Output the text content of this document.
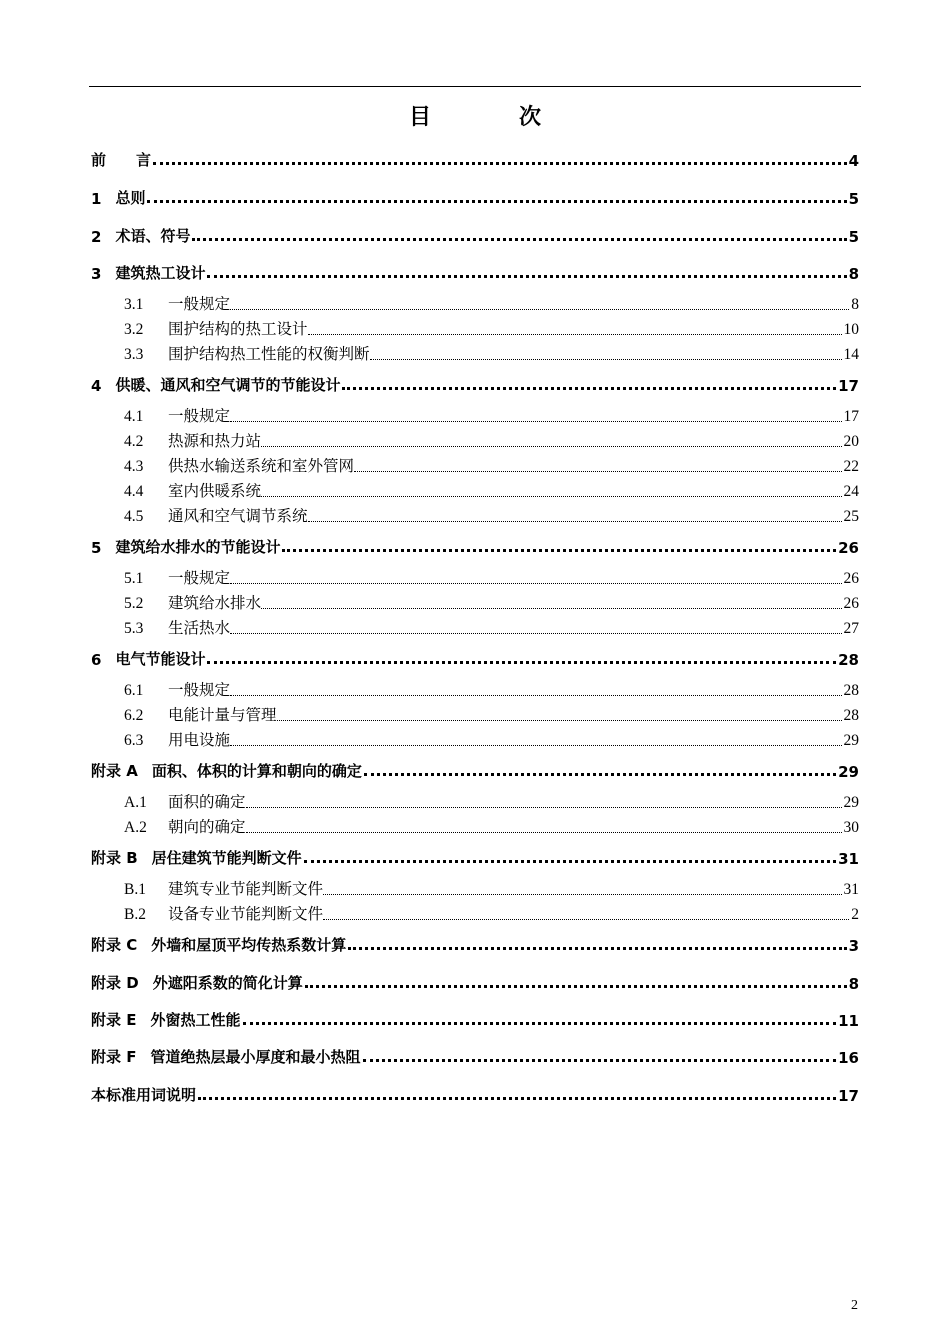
目　次
前　　言	4
1 总则	5
2 术语、符号	5
3 建筑热工设计	8
3.1	一般规定	8
3.2	围护结构的热工设计	10
3.3	围护结构热工性能的权衡判断	14
4 供暖、通风和空气调节的节能设计	17
4.1	一般规定	17
4.2	热源和热力站	20
4.3	供热水输送系统和室外管网	22
4.4	室内供暖系统	24
4.5	通风和空气调节系统	25
5 建筑给水排水的节能设计	26
5.1	一般规定	26
5.2	建筑给水排水	26
5.3	生活热水	27
6 电气节能设计	28
6.1	一般规定	28
6.2	电能计量与管理	28
6.3	用电设施	29
附录 A 面积、体积的计算和朝向的确定	29
A.1	面积的确定	29
A.2	朝向的确定	30
附录 B 居住建筑节能判断文件	31
B.1	建筑专业节能判断文件	31
B.2	设备专业节能判断文件	2
附录 C 外墙和屋顶平均传热系数计算	3
附录 D 外遮阳系数的简化计算	8
附录 E 外窗热工性能	11
附录 F 管道绝热层最小厚度和最小热阻	16
本标准用词说明	17
2
